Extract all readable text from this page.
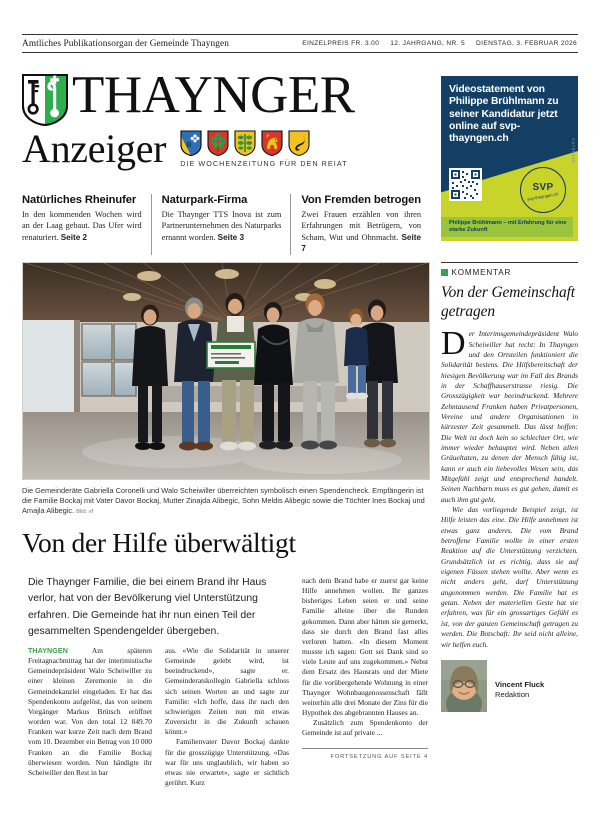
Amtliches Publikationsorgan der Gemeinde Thayngen	EINZELPREIS FR. 3.00 12. JAHRGANG, NR. 5 DIENSTAG, 3. FEBRUAR 2026
THAYNGER
Anzeiger	B
DIE WOCHENZEITUNG FÜR DEN REIAT
Videostatement von Philippe Brühlmann zu seiner Kandidatur jetzt online auf svp-thayngen.ch	A1738400
SVP
svp-thayngen.ch
Philippe Brühlmann – mit Erfahrung für eine starke Zukunft
Natürliches Rheinufer
In den kommenden Wochen wird an der Laag gebaut. Das Ufer wird renaturiert. Seite 2
Naturpark-Firma
Die Thaynger TTS Inova ist zum Partnerunternehmen des Naturparks ernannt worden. Seite 3
Von Fremden betrogen
Zwei Frauen erzählen von ihren Erfahrungen mit Betrügern, von Scham, Wut und Ohnmacht. Seite 7
Die Gemeinderäte Gabriella Coronelli und Walo Scheiwiller überreichten symbolisch einen Spendencheck. Empfängerin ist die Familie Bockaj mit Vater Davor Bockaj, Mutter Zinajda Alibegic, Sohn Meldis Alibegic sowie die Töchter Ines Bockaj und Amajla Alibegic. Bild: vf
Von der Hilfe überwältigt
Die Thaynger Familie, die bei einem Brand ihr Haus verlor, hat von der Bevölkerung viel Unterstützung erfahren. Die Gemeinde hat ihr nun einen Teil der gesammelten Spendengelder übergeben.

THAYNGEN	Am späteren Freitagnachmittag hat der interimistische Gemeindepräsident Walo Scheiwiller zu einer kleinen Zeremonie in die Gemeindekanzlei eingeladen. Er hat das Spendenkonto aufgelöst, das von seinem Vorgänger Markus Brütsch eröffnet worden war. Von den total 12 849.70 Franken war kurze Zeit nach dem Brand vom 10. Dezember ein Betrag von 10 000 Franken an die Familie Bockaj überwiesen worden. Nun händigte ihr Scheiwiller den Rest in bar

aus. «Wie die Solidarität in unserer Gemeinde gelebt wird, ist beeindruckend», sagte er. Gemeinderatskollegin Gabriella schloss sich seinen Worten an und sagte zur Familie: «Ich hoffe, dass ihr nach den schwierigen Zeiten nun mit etwas Zuversicht in die Zukunft schauen könnt.»

Familienvater Davor Bockaj dankte für die grosszügige Unterstützung. «Das war für uns unglaublich, wir haben so etwas nie erwartet», sagte er sichtlich gerührt. Kurz

nach dem Brand habe er zuerst gar keine Hilfe annehmen wollen. Ihr ganzes bisheriges Leben seien er und seine Familie alleine über die Runden gekommen. Dann aber hätten sie gemerkt, dass sie durch den Brand fast alles verloren hatten. «In diesem Moment musste ich sagen: Gott sei Dank sind so viele Leute auf uns zugekommen.» Nebst dem Ersatz des Hausrats und der Miete für die vorübergehende Wohnung in einer Thaynger Wohnbaugenossenschaft fällt weiterhin alle drei Monate der Zins für die Hypothek des abgebrannten Hauses an.

Zusätzlich zum Spendenkonto der Gemeinde ist auf private ...

FORTSETZUNG AUF SEITE 4
KOMMENTAR
Von der Gemeinschaft getragen

Der Interimsgemeindepräsident Walo Scheiwiller hat recht: In Thayngen und den Ortsteilen funktioniert die Solidarität bestens. Die Hilfsbereitschaft der hiesigen Bevölkerung war im Fall des Brands in der Schaffhauserstrasse riesig. Die Grosszügigkeit war beeindruckend. Mehrere Zehntausend Franken haben Privatpersonen, Vereine und andere Organisationen in kürzester Zeit gesammelt. Das lässt hoffen: Die Welt ist doch kein so schlechter Ort, wie immer wieder behauptet wird. Neben allen Gräueltaten, zu denen der Mensch fähig ist, kann er auch ein liebevolles Wesen sein, das Mitgefühl zeigt und entsprechend handelt. Seinen Nachbarn muss es gut gehen, damit es auch ihm gut geht.

Wie das vorliegende Beispiel zeigt, ist Hilfe leisten das eine. Die Hilfe annehmen ist etwas ganz anderes. Die vom Brand betroffene Familie wollte in einer ersten Reaktion auf die Unterstützung verzichten. Grundsätzlich ist es richtig, dass sie auf eigenen Füssen stehen wollte. Aber wenn es nicht anders geht, darf Unterstützung angenommen werden. Die Familie hat es getan. Neben der materiellen Geste hat sie erfahren, was für ein grossartiges Gefühl es ist, von der ganzen Gemeinschaft getragen zu werden. Die Botschaft: Ihr seid nicht alleine, wir helfen euch.

Vincent Fluck
Redaktion
